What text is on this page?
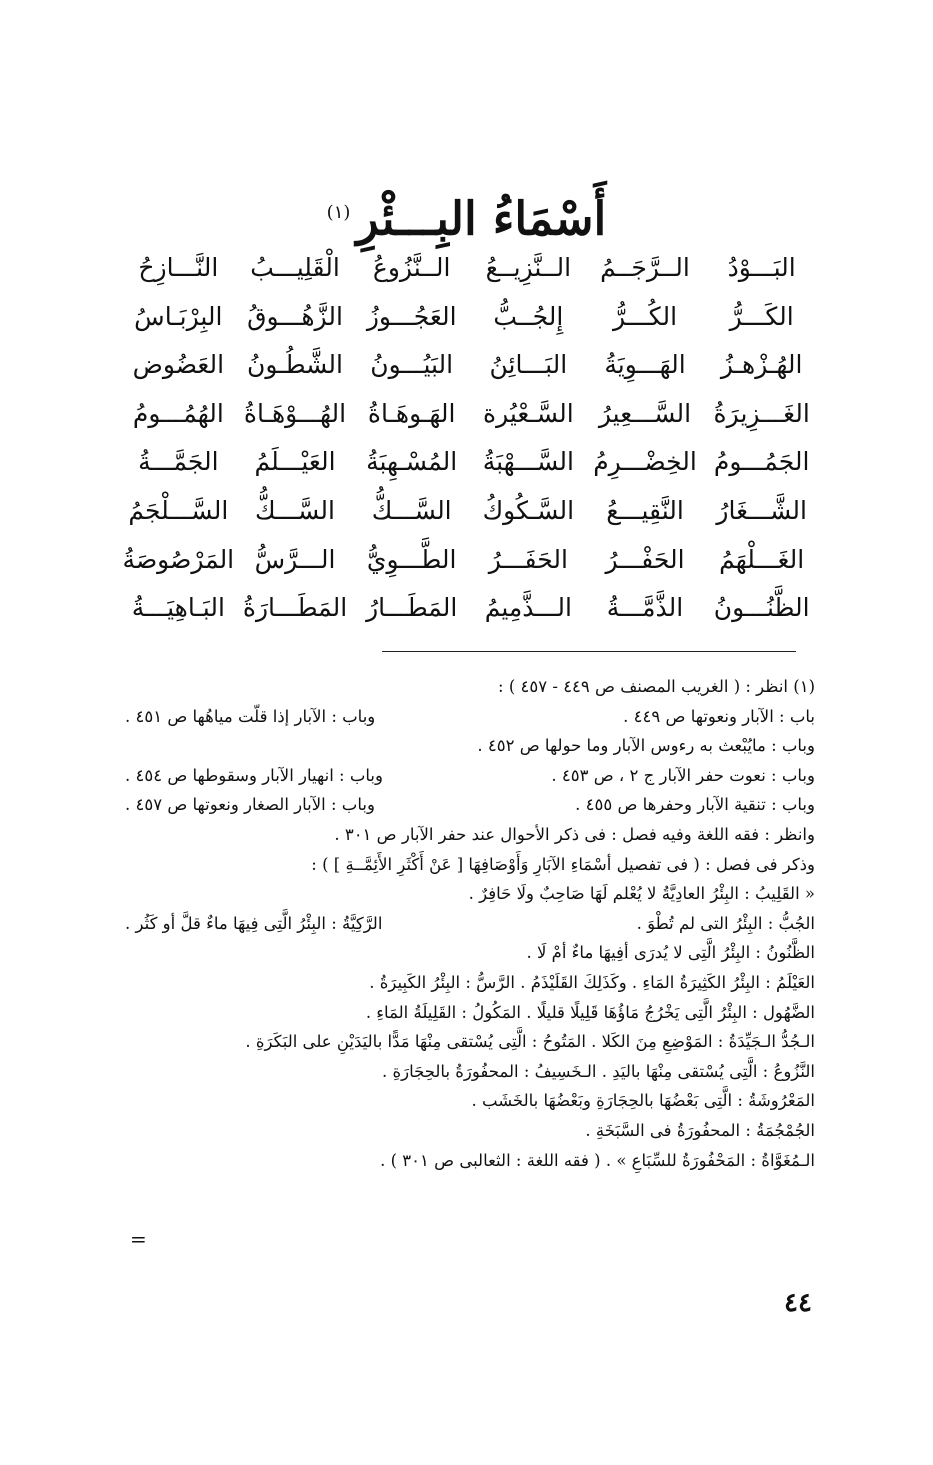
أَسْمَاءُ البِـــئْرِ$^{(١)}$
البَـــوْدُ
الــرَّجَــمُ
الــنَّزِيــعُ
الــنَّزُوعُ
الْقَلِيـــبُ
النَّـــازِحُ
الكَـــرُّ
الكُـــرُّ
إِلجُــبُّ
العَجُـــوزُ
الزَّهُـــوقُ
البِرْبَـاسُ
الهُـزْهـزُ
الهَـــوِيَةُ
البَـــائِنُ
البَيُـــونُ
الشَّطُـونُ
العَضُوض
الغَـــزِيرَةُ
السَّـــعِيرُ
السَّـعْيُرة
الهَـوهَـاةُ
الهُـــوْهَـاةُ
الهُمُـــومُ
الجَمُـــومُ
الخِضْـــرِمُ
السَّـــهْبَةُ
المُسْـهِبَةُ
العَيْـــلَمُ
الجَمَّـــةُ
الشَّـــغَارُ
النَّقِيـــعُ
السَّـكُوكُ
السَّـــكُّ
السَّـــكُّ
السَّـــلْجَمُ
الغَـــلْهَمُ
الحَفْـــرُ
الحَفَـــرُ
الطَّـــوِيُّ
الـــرَّسُّ
المَرْصُوصَةُ
الظَّنُـــونُ
الذَّمَّـــةُ
الـــذَّمِيمُ
المَطَـــارُ
المَطَـــارَةُ
البَـاهِيَـــةُ
(١) انظر : ( الغريب المصنف ص ٤٤٩ - ٤٥٧ ) :
باب : الآبار ونعوتها ص ٤٤٩ .
وباب : الآبار إذا قلّت مياهُها ص ٤٥١ .
وباب : مايُبْعث به رءوس الآبار وما حولها ص ٤٥٢ .
وباب : نعوت حفر الآبار ج ٢ ، ص ٤٥٣ .
وباب : انهيار الآبار وسقوطها ص ٤٥٤ .
وباب : تنقية الآبار وحفرها ص ٤٥٥ .
وباب : الآبار الصغار ونعوتها ص ٤٥٧ .
وانظر : فقه اللغة وفيه فصل : فى ذكر الأحوال عند حفر الآبار ص ٣٠١ .
وذكر فى فصل : ( فى تفصيل أسْمَاءِ الآبَارِ وَأَوْصَافِهَا [ عَنْ أَكْثَرِ الأَئِمَّــةِ ] ) :
« القَلِيبُ : البِئْرُ العادِيَّةُ لا يُعْلم لَهَا صَاحِبٌ ولَا حَافِرٌ .
الجُبُّ : البِئْرُ التى لم تُطْوَ .
الرَّكِيَّةُ : البِئْرُ الَّتِى فِيهَا ماءٌ قلَّ أو كَثُر .
الظَّنُونُ : البِئْرُ الَّتِى لا يُدرَى أفِيهَا ماءٌ أمْ لَا .
العَيْلَمُ : البِئْرُ الكَثِيرَةُ المَاءِ . وكَذَلِكَ القَلَيْذَمُ . الرَّسُّ : البِئْرُ الكَبِيرَةُ .
الضَّهُول : البِئْرُ الَّتِى يَخْرُجُ مَاؤُهَا قَلِيلًا قليلًا . المَكُولُ : القَلِيلَةُ المَاءِ .
الـجُدُّ الـجَيِّدَةُ : المَوْضِعِ مِنَ الكَلا . المَتُوحُ : الَّتِى يُسْتقى مِنْهَا مَدًّا باليَدَيْنِ على البَكَرَةِ .
النَّزُوعُ : الَّتِى يُسْتقى مِنْهَا باليَدِ . الـخَسِيفُ : المحفُورَةُ بالحِجَارَةِ .
المَعْرُوشَةُ : الَّتِى بَعْضُهَا بالحِجَارَةِ وبَعْضُهَا بالخَشَب .
الجُمْجُمَةُ : المحفُورَةُ فى السَّبَخَةِ .
الـمُغَوَّاةُ : المَحْفُورَةُ للسِّبَاعِ » . ( فقه اللغة : الثعالبى ص ٣٠١ ) .
=
٤٤
